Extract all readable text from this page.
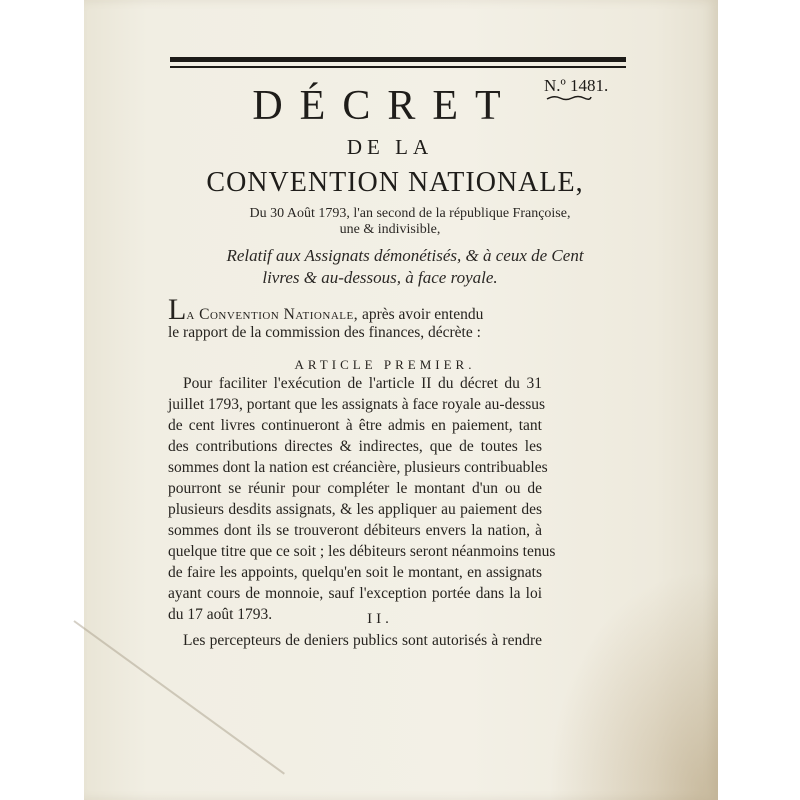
N.º 1481.
DÉCRET
DE LA
CONVENTION NATIONALE,
Du 30 Août 1793, l'an second de la république Françoise,
une & indivisible,
Relatif aux Assignats démonétisés, & à ceux de Cent
livres & au-dessous, à face royale.
La Convention Nationale, après avoir entendu
le rapport de la commission des finances, décrète :
ARTICLE PREMIER.
Pour faciliter l'exécution de l'article II du décret du 31
juillet 1793, portant que les assignats à face royale au-dessus
de cent livres continueront à être admis en paiement, tant
des contributions directes & indirectes, que de toutes les
sommes dont la nation est créancière, plusieurs contribuables
pourront se réunir pour compléter le montant d'un ou de
plusieurs desdits assignats, & les appliquer au paiement des
sommes dont ils se trouveront débiteurs envers la nation, à
quelque titre que ce soit ; les débiteurs seront néanmoins tenus
de faire les appoints, quelqu'en soit le montant, en assignats
ayant cours de monnoie, sauf l'exception portée dans la loi
du 17 août 1793.	II.
Les percepteurs de deniers publics sont autorisés à rendre
